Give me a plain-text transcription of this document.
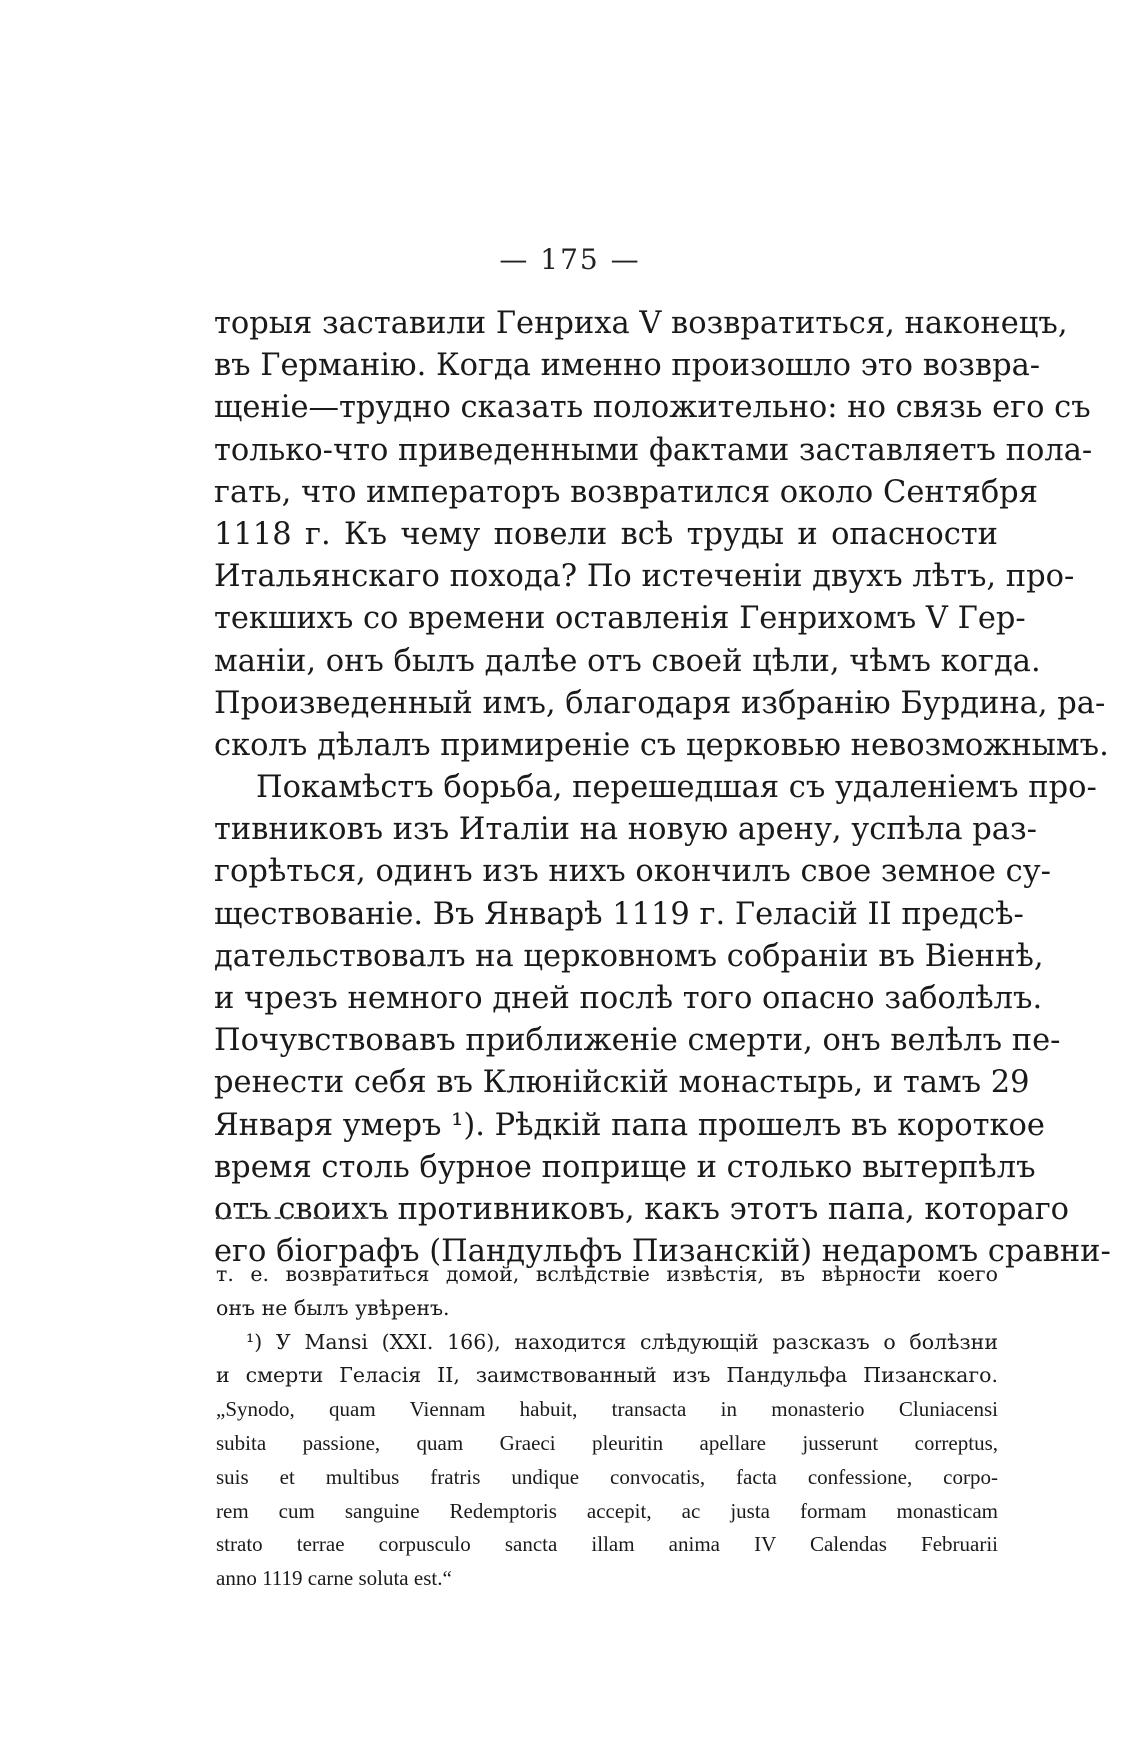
— 175 —
торыя заставили Генриха V возвратиться, наконецъ,
въ Германію. Когда именно произошло это возвра-
щеніе—трудно сказать положительно: но связь его съ
только-что приведенными фактами заставляетъ пола-
гать, что императоръ возвратился около Сентября
1118 г. Къ чему повели всѣ труды и опасности
Итальянскаго похода? По истеченіи двухъ лѣтъ, про-
текшихъ со времени оставленія Генрихомъ V Гер-
маніи, онъ былъ далѣе отъ своей цѣли, чѣмъ когда.
Произведенный имъ, благодаря избранію Бурдина, ра-
сколъ дѣлалъ примиреніе съ церковью невозможнымъ.
Покамѣстъ борьба, перешедшая съ удаленіемъ про-
тивниковъ изъ Италіи на новую арену, успѣла раз-
горѣться, одинъ изъ нихъ окончилъ свое земное су-
ществованіе. Въ Январѣ 1119 г. Геласій II предсѣ-
дательствовалъ на церковномъ собраніи въ Віеннѣ,
и чрезъ немного дней послѣ того опасно заболѣлъ.
Почувствовавъ приближеніе смерти, онъ велѣлъ пе-
ренести себя въ Клюнійскій монастырь, и тамъ 29
Января умеръ ¹). Рѣдкій папа прошелъ въ короткое
время столь бурное поприще и столько вытерпѣлъ
отъ своихъ противниковъ, какъ этотъ папа, котораго
его біографъ (Пандульфъ Пизанскій) недаромъ сравни-
т. е. возвратиться домой, вслѣдствіе извѣстія, въ вѣрности коего
онъ не былъ увѣренъ.
¹) У Mansi (XXI. 166), находится слѣдующій разсказъ о болѣзни
и смерти Геласія II, заимствованный изъ Пандульфа Пизанскаго.
„Synodo, quam Viennam habuit, transacta in monasterio Cluniacensi
subita passione, quam Graeci pleuritin apellare jusserunt correptus,
suis et multibus fratris undique convocatis, facta confessione, corpo-
rem cum sanguine Redemptoris accepit, ac justa formam monasticam
strato terrae corpusculo sancta illam anima IV Calendas Februarii
anno 1119 carne soluta est.“
